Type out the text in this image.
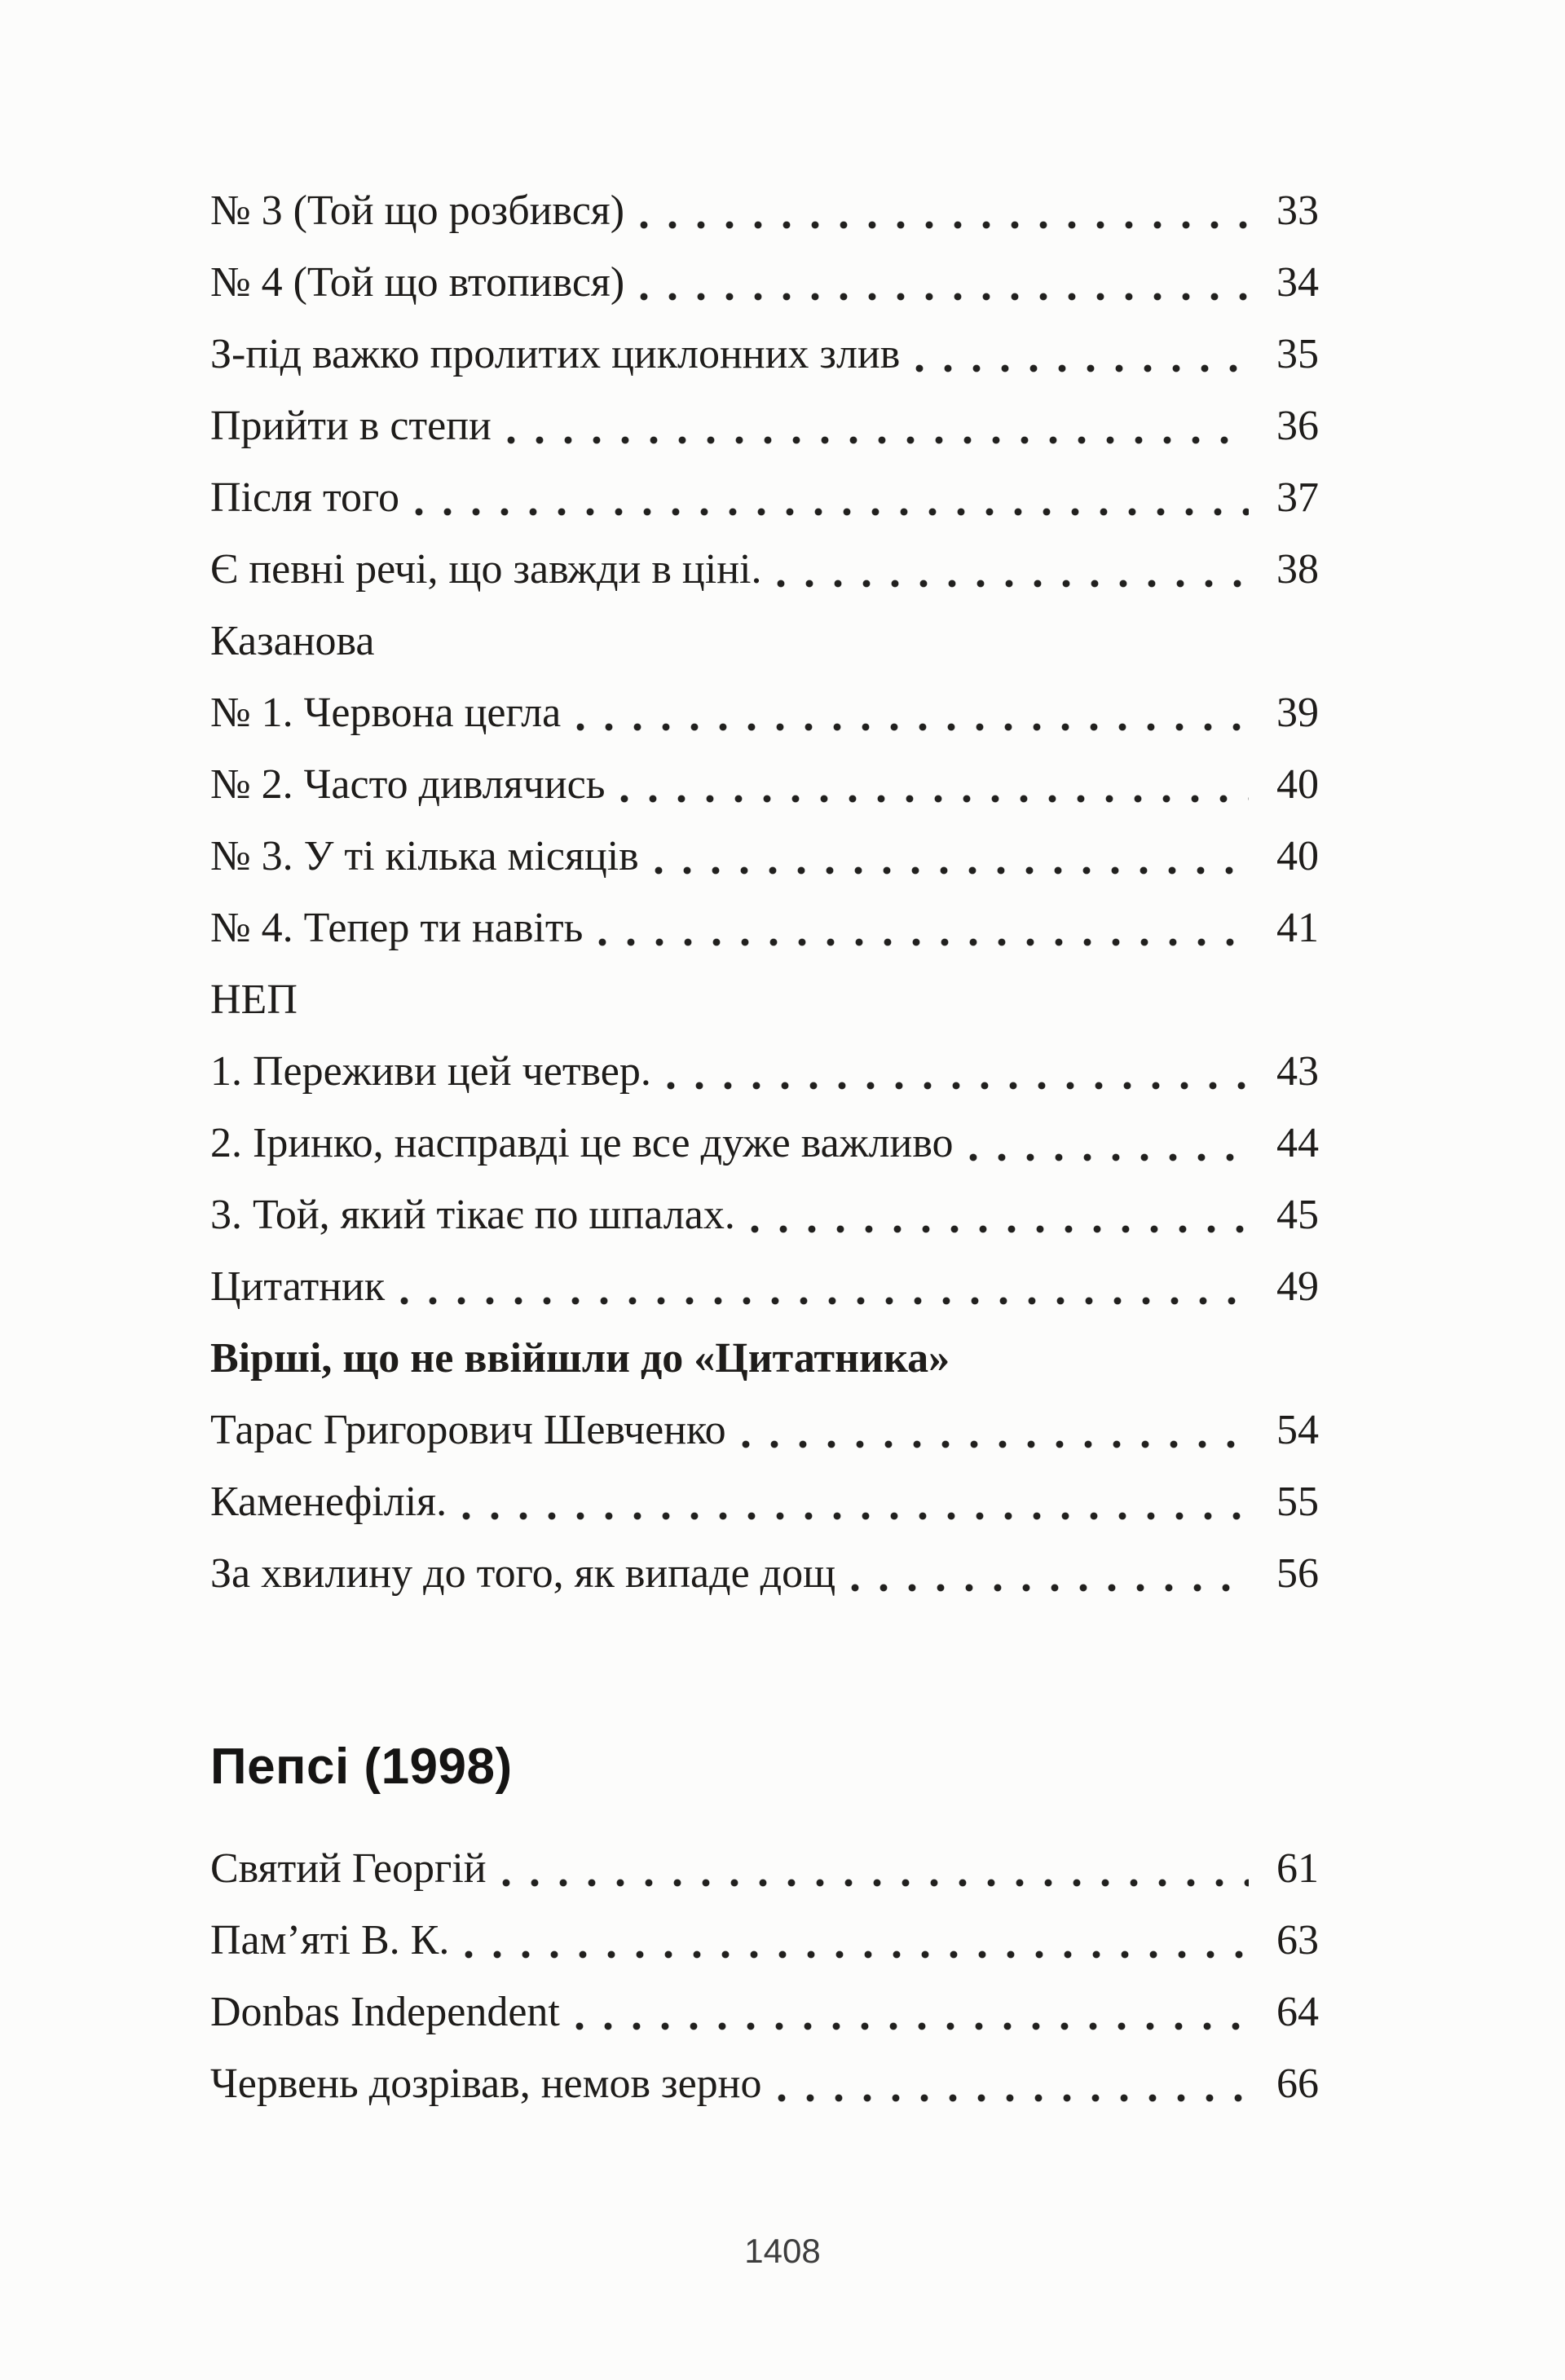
№ 3 (Той що розбився)	33
№ 4 (Той що втопився)	34
З-під важко пролитих циклонних злив	35
Прийти в степи	36
Після того	37
Є певні речі, що завжди в ціні.	38
Казанова
№ 1. Червона цегла	39
№ 2. Часто дивлячись	40
№ 3. У ті кілька місяців	40
№ 4. Тепер ти навіть	41
НЕП
1. Переживи цей четвер.	43
2. Іринко, насправді це все дуже важливо	44
3. Той, який тікає по шпалах.	45
Цитатник	49
Вірші, що не ввійшли до «Цитатника»
Тарас Григорович Шевченко	54
Каменефілія.	55
За хвилину до того, як випаде дощ	56
Пепсі (1998)
Святий Георгій	61
Пам’яті В. К.	63
Donbas Independent	64
Червень дозрівав, немов зерно	66
1408
